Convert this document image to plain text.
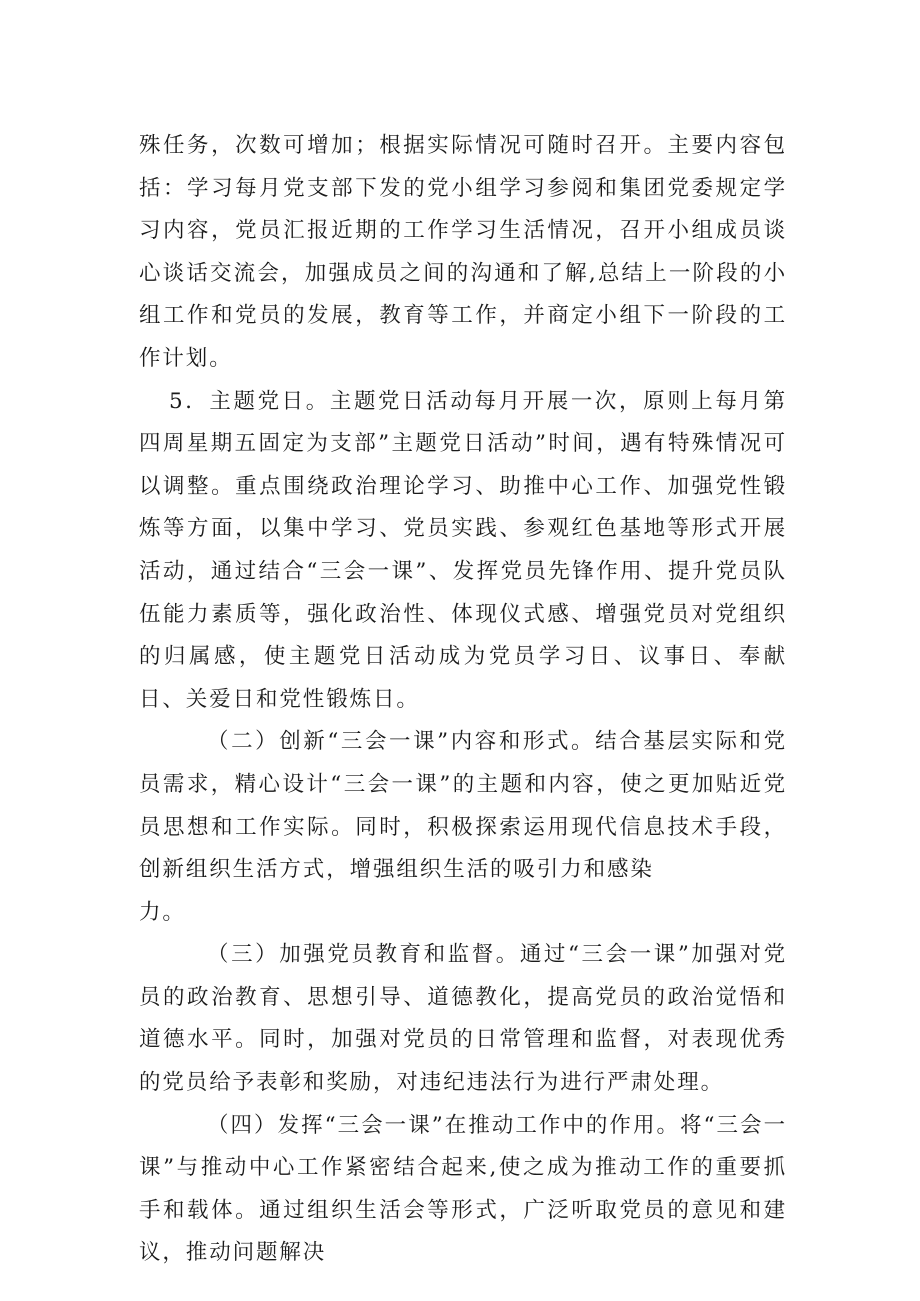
殊任务，次数可增加；根据实际情况可随时召开。主要内容包括：学习每月党支部下发的党小组学习参阅和集团党委规定学习内容，党员汇报近期的工作学习生活情况，召开小组成员谈心谈话交流会，加强成员之间的沟通和了解,总结上一阶段的小组工作和党员的发展，教育等工作，并商定小组下一阶段的工作计划。

5．主题党日。主题党日活动每月开展一次，原则上每月第四周星期五固定为支部”主题党日活动”时间，遇有特殊情况可以调整。重点围绕政治理论学习、助推中心工作、加强党性锻炼等方面，以集中学习、党员实践、参观红色基地等形式开展活动，通过结合“三会一课”、发挥党员先锋作用、提升党员队伍能力素质等，强化政治性、体现仪式感、增强党员对党组织的归属感，使主题党日活动成为党员学习日、议事日、奉献日、关爱日和党性锻炼日。

（二）创新“三会一课”内容和形式。结合基层实际和党员需求，精心设计“三会一课”的主题和内容，使之更加贴近党员思想和工作实际。同时，积极探索运用现代信息技术手段，创新组织生活方式，增强组织生活的吸引力和感染
力。

（三）加强党员教育和监督。通过“三会一课”加强对党员的政治教育、思想引导、道德教化，提高党员的政治觉悟和道德水平。同时，加强对党员的日常管理和监督，对表现优秀的党员给予表彰和奖励，对违纪违法行为进行严肃处理。

（四）发挥“三会一课”在推动工作中的作用。将“三会一课”与推动中心工作紧密结合起来,使之成为推动工作的重要抓手和载体。通过组织生活会等形式，广泛听取党员的意见和建议，推动问题解决
